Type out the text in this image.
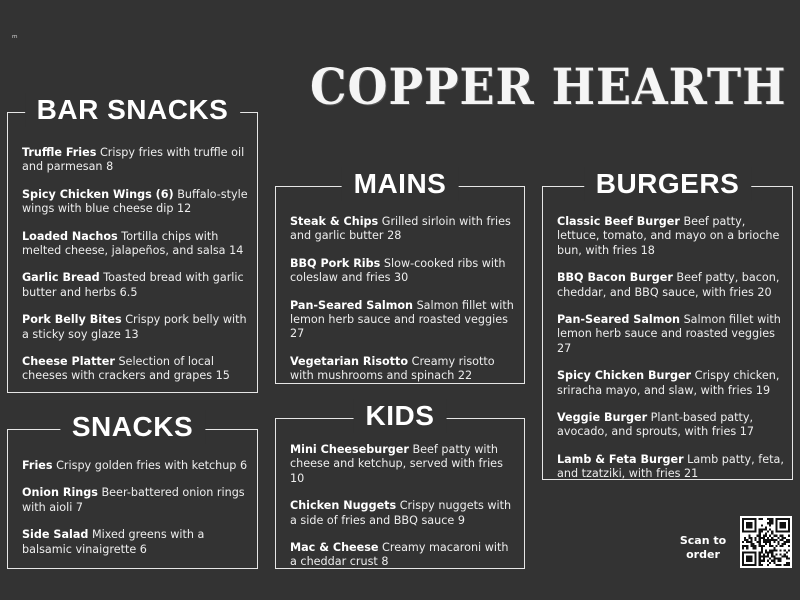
ᵐ
COPPER HEARTH
BAR SNACKS
Truffle Fries Crispy fries with truffle oil and parmesan 8
Spicy Chicken Wings (6) Buffalo-style wings with blue cheese dip 12
Loaded Nachos Tortilla chips with melted cheese, jalapeños, and salsa 14
Garlic Bread Toasted bread with garlic butter and herbs 6.5
Pork Belly Bites Crispy pork belly with a sticky soy glaze 13
Cheese Platter Selection of local cheeses with crackers and grapes 15
SNACKS
Fries Crispy golden fries with ketchup 6
Onion Rings Beer-battered onion rings with aioli 7
Side Salad Mixed greens with a balsamic vinaigrette 6
MAINS
Steak & Chips Grilled sirloin with fries and garlic butter 28
BBQ Pork Ribs Slow-cooked ribs with coleslaw and fries 30
Pan-Seared Salmon Salmon fillet with lemon herb sauce and roasted veggies 27
Vegetarian Risotto Creamy risotto with mushrooms and spinach 22
KIDS
Mini Cheeseburger Beef patty with cheese and ketchup, served with fries 10
Chicken Nuggets Crispy nuggets with a side of fries and BBQ sauce 9
Mac & Cheese Creamy macaroni with a cheddar crust 8
BURGERS
Classic Beef Burger Beef patty, lettuce, tomato, and mayo on a brioche bun, with fries 18
BBQ Bacon Burger Beef patty, bacon, cheddar, and BBQ sauce, with fries 20
Pan-Seared Salmon Salmon fillet with lemon herb sauce and roasted veggies 27
Spicy Chicken Burger Crispy chicken, sriracha mayo, and slaw, with fries 19
Veggie Burger Plant-based patty, avocado, and sprouts, with fries 17
Lamb & Feta Burger Lamb patty, feta, and tzatziki, with fries 21
Scan to order
